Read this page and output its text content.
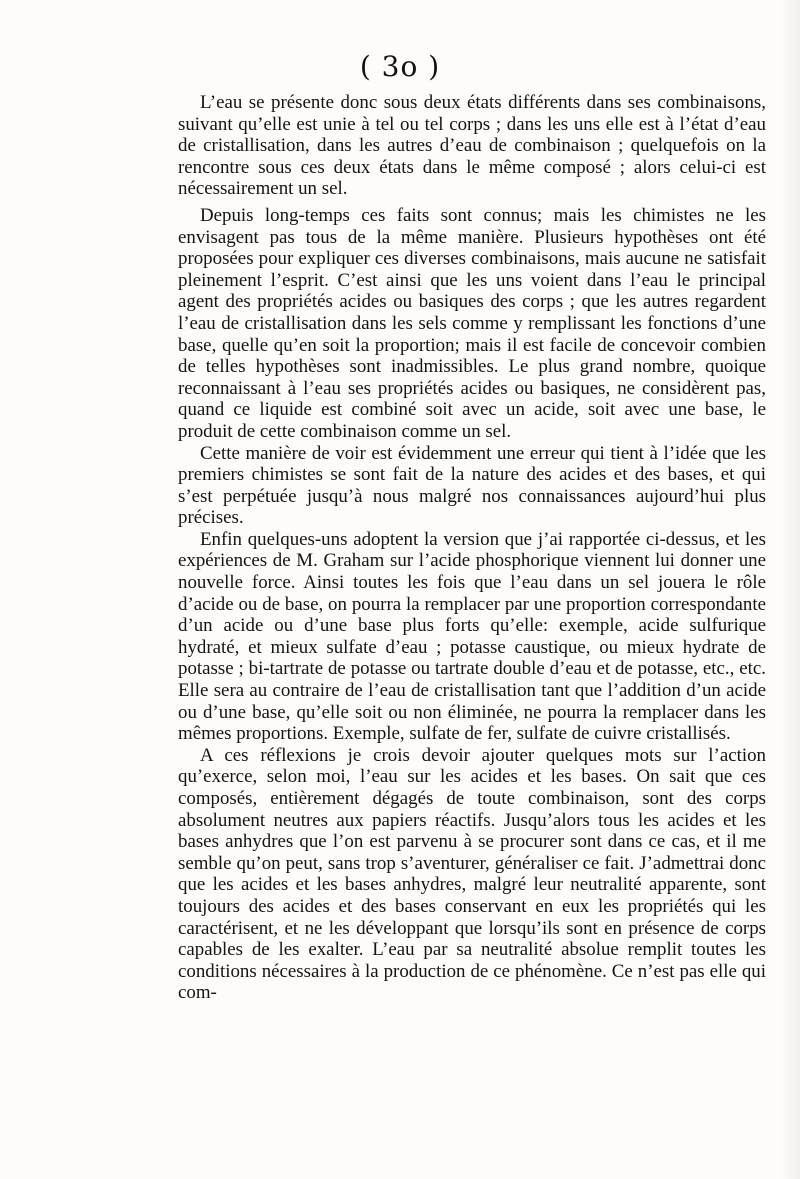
( 3o )

L’eau se présente donc sous deux états différents dans ses combinaisons, suivant qu’elle est unie à tel ou tel corps ; dans les uns elle est à l’état d’eau de cristallisation, dans les autres d’eau de combinaison ; quelquefois on la rencontre sous ces deux états dans le même composé ; alors celui-ci est nécessairement un sel.

Depuis long-temps ces faits sont connus; mais les chimistes ne les envisagent pas tous de la même manière. Plusieurs hypothèses ont été proposées pour expliquer ces diverses combinaisons, mais aucune ne satisfait pleinement l’esprit. C’est ainsi que les uns voient dans l’eau le principal agent des propriétés acides ou basiques des corps ; que les autres regardent l’eau de cristallisation dans les sels comme y remplissant les fonctions d’une base, quelle qu’en soit la proportion; mais il est facile de concevoir combien de telles hypothèses sont inadmissibles. Le plus grand nombre, quoique reconnaissant à l’eau ses propriétés acides ou basiques, ne considèrent pas, quand ce liquide est combiné soit avec un acide, soit avec une base, le produit de cette combinaison comme un sel.

Cette manière de voir est évidemment une erreur qui tient à l’idée que les premiers chimistes se sont fait de la nature des acides et des bases, et qui s’est perpétuée jusqu’à nous malgré nos connaissances aujourd’hui plus précises.

Enfin quelques-uns adoptent la version que j’ai rapportée ci-dessus, et les expériences de M. Graham sur l’acide phosphorique viennent lui donner une nouvelle force. Ainsi toutes les fois que l’eau dans un sel jouera le rôle d’acide ou de base, on pourra la remplacer par une proportion correspondante d’un acide ou d’une base plus forts qu’elle: exemple, acide sulfurique hydraté, et mieux sulfate d’eau ; potasse caustique, ou mieux hydrate de potasse ; bi-tartrate de potasse ou tartrate double d’eau et de potasse, etc., etc. Elle sera au contraire de l’eau de cristallisation tant que l’addition d’un acide ou d’une base, qu’elle soit ou non éliminée, ne pourra la remplacer dans les mêmes proportions. Exemple, sulfate de fer, sulfate de cuivre cristallisés.

A ces réflexions je crois devoir ajouter quelques mots sur l’action qu’exerce, selon moi, l’eau sur les acides et les bases. On sait que ces composés, entièrement dégagés de toute combinaison, sont des corps absolument neutres aux papiers réactifs. Jusqu’alors tous les acides et les bases anhydres que l’on est parvenu à se procurer sont dans ce cas, et il me semble qu’on peut, sans trop s’aventurer, généraliser ce fait. J’admettrai donc que les acides et les bases anhydres, malgré leur neutralité apparente, sont toujours des acides et des bases conservant en eux les propriétés qui les caractérisent, et ne les développant que lorsqu’ils sont en présence de corps capables de les exalter. L’eau par sa neutralité absolue remplit toutes les conditions nécessaires à la production de ce phénomène. Ce n’est pas elle qui com-
